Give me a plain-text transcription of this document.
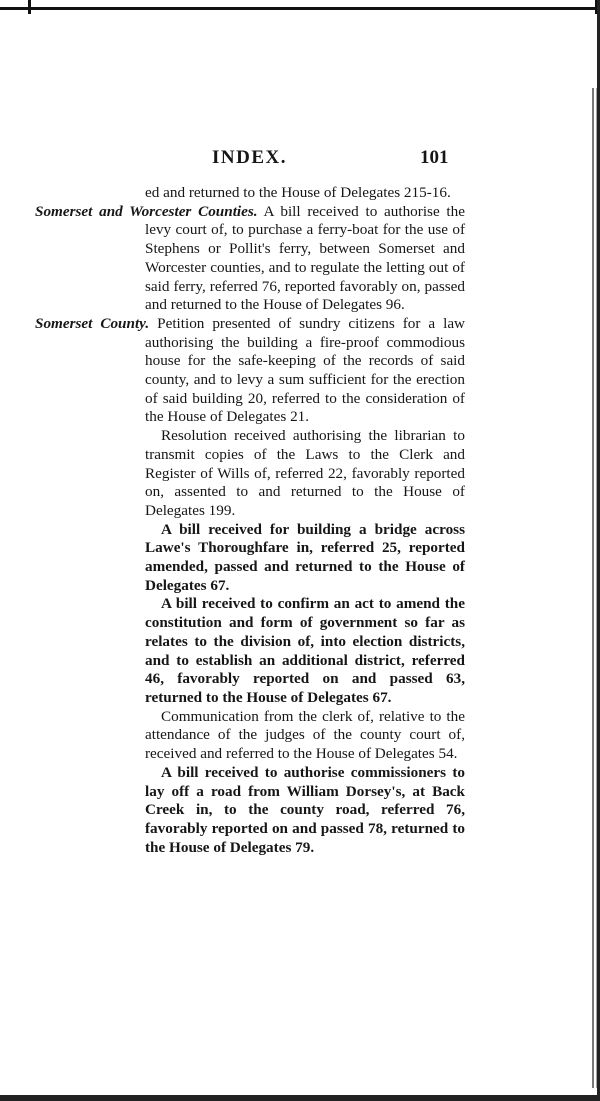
INDEX.	101

ed and returned to the House of Delegates 215-16.

Somerset and Worcester Counties. A bill received to authorise the levy court of, to purchase a ferry-boat for the use of Stephens or Pollit's ferry, between Somerset and Worcester counties, and to regulate the letting out of said ferry, referred 76, reported favorably on, passed and returned to the House of Delegates 96.

Somerset County. Petition presented of sundry citizens for a law authorising the building a fire-proof commodious house for the safe-keeping of the records of said county, and to levy a sum sufficient for the erection of said building 20, referred to the consideration of the House of Delegates 21.

Resolution received authorising the librarian to transmit copies of the Laws to the Clerk and Register of Wills of, referred 22, favorably reported on, assented to and returned to the House of Delegates 199.

A bill received for building a bridge across Lawe's Thoroughfare in, referred 25, reported amended, passed and returned to the House of Delegates 67.

A bill received to confirm an act to amend the constitution and form of government so far as relates to the division of, into election districts, and to establish an additional district, referred 46, favorably reported on and passed 63, returned to the House of Delegates 67.

Communication from the clerk of, relative to the attendance of the judges of the county court of, received and referred to the House of Delegates 54.

A bill received to authorise commissioners to lay off a road from William Dorsey's, at Back Creek in, to the county road, referred 76, favorably reported on and passed 78, returned to the House of Delegates 79.
